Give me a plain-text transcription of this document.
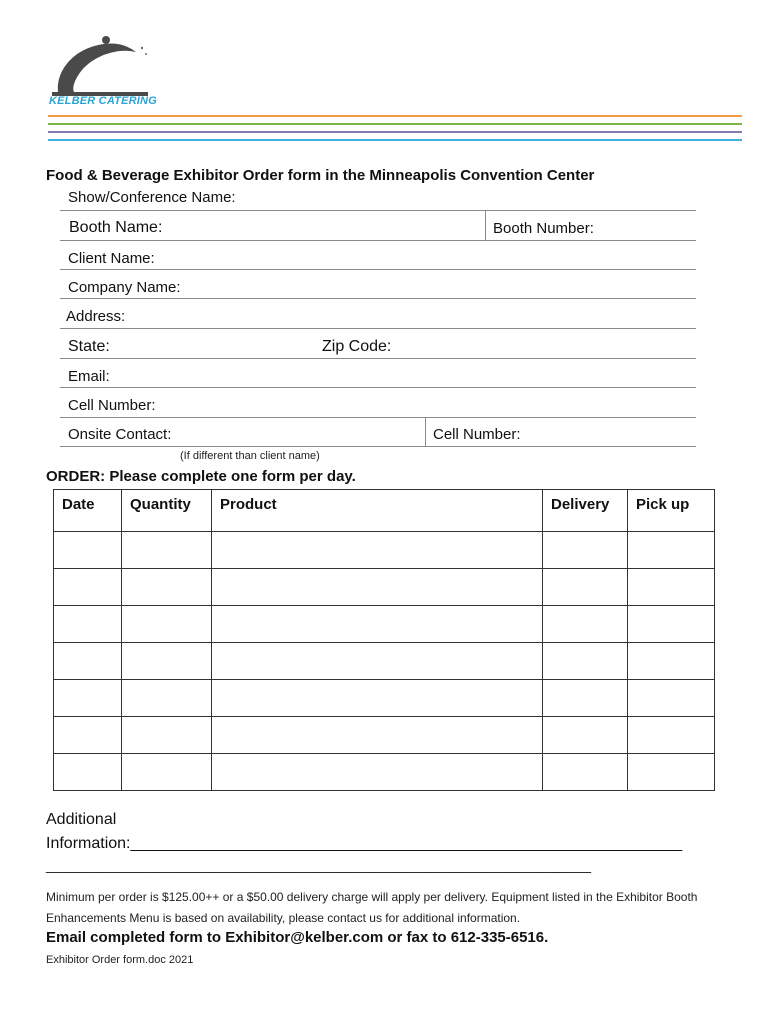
KELBER CATERING
Food & Beverage Exhibitor Order form in the Minneapolis Convention Center
Show/Conference Name:
Booth Name:	Booth Number:
Client Name:
Company Name:
Address:
State:	Zip Code:
Email:
Cell Number:
Onsite Contact:	Cell Number:
(If different than client name)
ORDER: Please complete one form per day.
Date	Quantity	Product	Delivery	Pick up

Additional
Information:______________________________________________________________
______________________________________________________________________
Minimum per order is $125.00++ or a $50.00 delivery charge will apply per delivery. Equipment listed in the Exhibitor Booth Enhancements Menu is based on availability, please contact us for additional information.
Email completed form to Exhibitor@kelber.com or fax to 612-335-6516.
Exhibitor Order form.doc 2021
